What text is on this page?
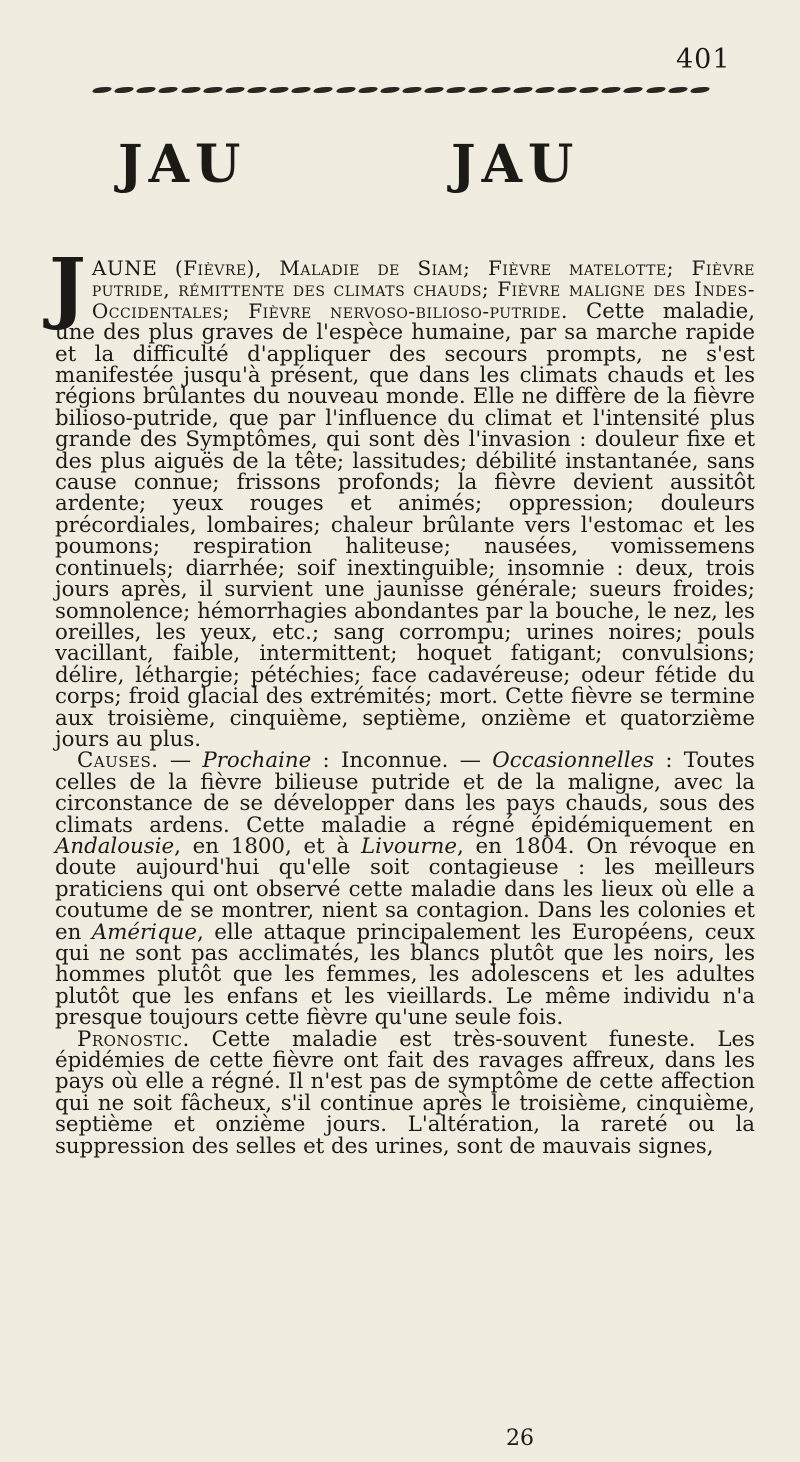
401
JAU	JAU

JAUNE (Fièvre), Maladie de Siam; Fièvre matelotte; Fièvre putride, rémittente des climats chauds; Fièvre maligne des Indes-Occidentales; Fièvre nervoso-bilioso-putride. Cette maladie, une des plus graves de l'espèce humaine, par sa marche rapide et la difficulté d'appliquer des secours prompts, ne s'est manifestée jusqu'à présent, que dans les climats chauds et les régions brûlantes du nouveau monde. Elle ne diffère de la fièvre bilioso-putride, que par l'influence du climat et l'intensité plus grande des Symptômes, qui sont dès l'invasion : douleur fixe et des plus aiguës de la tête; lassitudes; débilité instantanée, sans cause connue; frissons profonds; la fièvre devient aussitôt ardente; yeux rouges et animés; oppression; douleurs précordiales, lombaires; chaleur brûlante vers l'estomac et les poumons; respiration haliteuse; nausées, vomissemens continuels; diarrhée; soif inextinguible; insomnie : deux, trois jours après, il survient une jaunisse générale; sueurs froides; somnolence; hémorrhagies abondantes par la bouche, le nez, les oreilles, les yeux, etc.; sang corrompu; urines noires; pouls vacillant, faible, intermittent; hoquet fatigant; convulsions; délire, léthargie; pétéchies; face cadavéreuse; odeur fétide du corps; froid glacial des extrémités; mort. Cette fièvre se termine aux troisième, cinquième, septième, onzième et quatorzième jours au plus.

Causes. — Prochaine : Inconnue. — Occasionnelles : Toutes celles de la fièvre bilieuse putride et de la maligne, avec la circonstance de se développer dans les pays chauds, sous des climats ardens. Cette maladie a régné épidémiquement en Andalousie, en 1800, et à Livourne, en 1804. On révoque en doute aujourd'hui qu'elle soit contagieuse : les meilleurs praticiens qui ont observé cette maladie dans les lieux où elle a coutume de se montrer, nient sa contagion. Dans les colonies et en Amérique, elle attaque principalement les Européens, ceux qui ne sont pas acclimatés, les blancs plutôt que les noirs, les hommes plutôt que les femmes, les adolescens et les adultes plutôt que les enfans et les vieillards. Le même individu n'a presque toujours cette fièvre qu'une seule fois.

Pronostic. Cette maladie est très-souvent funeste. Les épidémies de cette fièvre ont fait des ravages affreux, dans les pays où elle a régné. Il n'est pas de symptôme de cette affection qui ne soit fâcheux, s'il continue après le troisième, cinquième, septième et onzième jours. L'altération, la rareté ou la suppression des selles et des urines, sont de mauvais signes,

26
